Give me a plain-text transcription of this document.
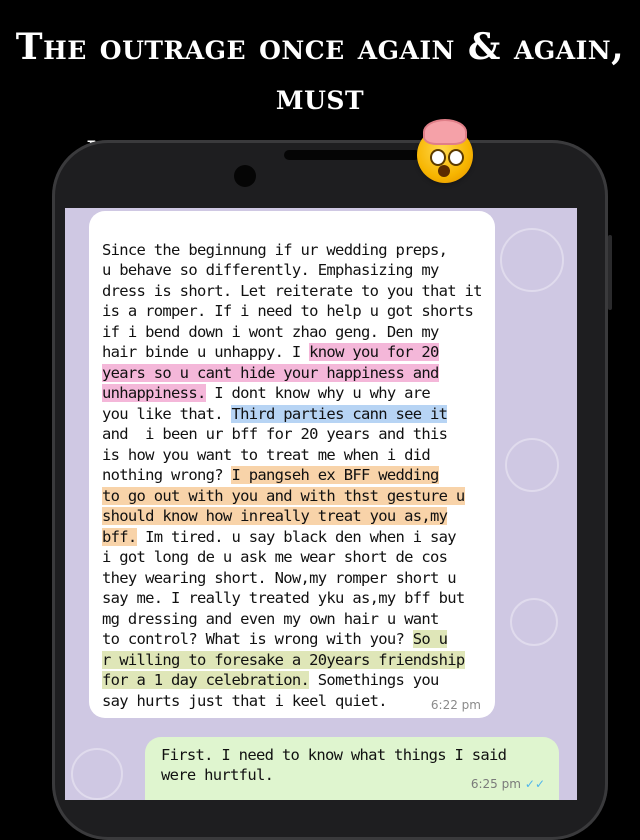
The outrage once again & again, must

Since the beginnung if ur wedding preps,
u behave so differently. Emphasizing my
dress is short. Let reiterate to you that it
is a romper. If i need to help u got shorts
if i bend down i wont zhao geng. Den my
hair binde u unhappy. I know you for 20
years so u cant hide your happiness and
unhappiness. I dont know why u why are
you like that. Third parties cann see it
and  i been ur bff for 20 years and this
is how you want to treat me when i did
nothing wrong? I pangseh ex BFF wedding
to go out with you and with thst gesture u
should know how inreally treat you as,my
bff. Im tired. u say black den when i say
i got long de u ask me wear short de cos
they wearing short. Now,my romper short u
say me. I really treated yku as,my bff but
mg dressing and even my own hair u want
to control? What is wrong with you? So u
r willing to foresake a 20years friendship
for a 1 day celebration. Somethings you
say hurts just that i keel quiet.	6:22 pm

First. I need to know what things I said
were hurtful.	6:25 pm ✓✓
